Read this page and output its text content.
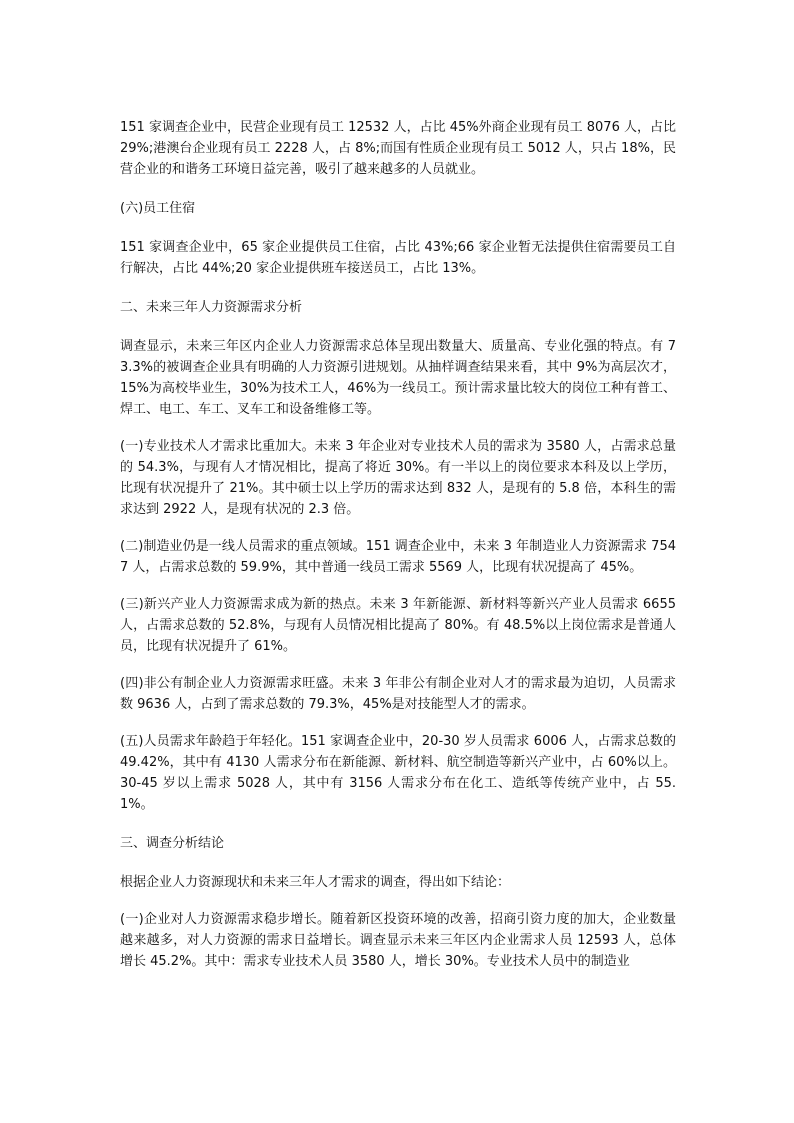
151 家调查企业中，民营企业现有员工 12532 人，占比 45%外商企业现有员工 8076 人，占比 29%;港澳台企业现有员工 2228 人，占 8%;而国有性质企业现有员工 5012 人，只占 18%，民营企业的和谐务工环境日益完善，吸引了越来越多的人员就业。

(六)员工住宿

151 家调查企业中，65 家企业提供员工住宿，占比 43%;66 家企业暂无法提供住宿需要员工自行解决，占比 44%;20 家企业提供班车接送员工，占比 13%。

二、未来三年人力资源需求分析

调查显示，未来三年区内企业人力资源需求总体呈现出数量大、质量高、专业化强的特点。有 73.3%的被调查企业具有明确的人力资源引进规划。从抽样调查结果来看，其中 9%为高层次才，15%为高校毕业生，30%为技术工人，46%为一线员工。预计需求量比较大的岗位工种有普工、焊工、电工、车工、叉车工和设备维修工等。

(一)专业技术人才需求比重加大。未来 3 年企业对专业技术人员的需求为 3580 人，占需求总量的 54.3%，与现有人才情况相比，提高了将近 30%。有一半以上的岗位要求本科及以上学历，比现有状况提升了 21%。其中硕士以上学历的需求达到 832 人，是现有的 5.8 倍，本科生的需求达到 2922 人，是现有状况的 2.3 倍。

(二)制造业仍是一线人员需求的重点领域。151 调查企业中，未来 3 年制造业人力资源需求 7547 人，占需求总数的 59.9%，其中普通一线员工需求 5569 人，比现有状况提高了 45%。

(三)新兴产业人力资源需求成为新的热点。未来 3 年新能源、新材料等新兴产业人员需求 6655 人，占需求总数的 52.8%，与现有人员情况相比提高了 80%。有 48.5%以上岗位需求是普通人员，比现有状况提升了 61%。

(四)非公有制企业人力资源需求旺盛。未来 3 年非公有制企业对人才的需求最为迫切，人员需求数 9636 人，占到了需求总数的 79.3%，45%是对技能型人才的需求。

(五)人员需求年龄趋于年轻化。151 家调查企业中，20-30 岁人员需求 6006 人，占需求总数的 49.42%，其中有 4130 人需求分布在新能源、新材料、航空制造等新兴产业中，占 60%以上。30-45 岁以上需求 5028 人，其中有 3156 人需求分布在化工、造纸等传统产业中，占 55.1%。

三、调查分析结论

根据企业人力资源现状和未来三年人才需求的调查，得出如下结论：

(一)企业对人力资源需求稳步增长。随着新区投资环境的改善，招商引资力度的加大，企业数量越来越多，对人力资源的需求日益增长。调查显示未来三年区内企业需求人员 12593 人，总体增长 45.2%。其中：需求专业技术人员 3580 人，增长 30%。专业技术人员中的制造业
